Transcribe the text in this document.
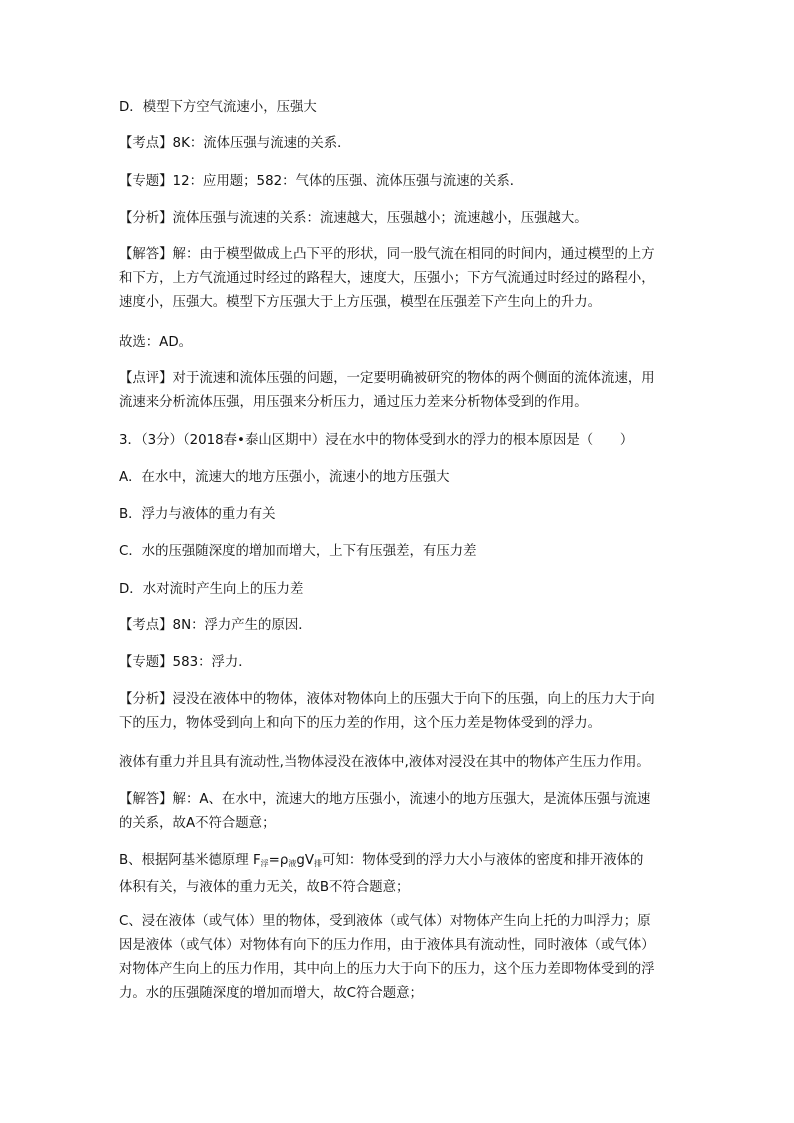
D．模型下方空气流速小，压强大

【考点】8K：流体压强与流速的关系．

【专题】12：应用题；582：气体的压强、流体压强与流速的关系．

【分析】流体压强与流速的关系：流速越大，压强越小；流速越小，压强越大。

【解答】解：由于模型做成上凸下平的形状，同一股气流在相同的时间内，通过模型的上方
和下方，上方气流通过时经过的路程大，速度大，压强小；下方气流通过时经过的路程小，
速度小，压强大。模型下方压强大于上方压强，模型在压强差下产生向上的升力。

故选：AD。

【点评】对于流速和流体压强的问题，一定要明确被研究的物体的两个侧面的流体流速，用
流速来分析流体压强，用压强来分析压力，通过压力差来分析物体受到的作用。

3．（3分）（2018春•泰山区期中）浸在水中的物体受到水的浮力的根本原因是（　　）

A．在水中，流速大的地方压强小，流速小的地方压强大

B．浮力与液体的重力有关

C．水的压强随深度的增加而增大，上下有压强差，有压力差

D．水对流时产生向上的压力差

【考点】8N：浮力产生的原因．

【专题】583：浮力．

【分析】浸没在液体中的物体，液体对物体向上的压强大于向下的压强，向上的压力大于向
下的压力，物体受到向上和向下的压力差的作用，这个压力差是物体受到的浮力。

液体有重力并且具有流动性,当物体浸没在液体中,液体对浸没在其中的物体产生压力作用。

【解答】解：A、在水中，流速大的地方压强小，流速小的地方压强大，是流体压强与流速
的关系，故A不符合题意；

B、根据阿基米德原理 $F_浮=\rho_液gV_排$可知：物体受到的浮力大小与液体的密度和排开液体的
体积有关，与液体的重力无关，故B不符合题意；

C、浸在液体（或气体）里的物体，受到液体（或气体）对物体产生向上托的力叫浮力；原
因是液体（或气体）对物体有向下的压力作用，由于液体具有流动性，同时液体（或气体）
对物体产生向上的压力作用，其中向上的压力大于向下的压力，这个压力差即物体受到的浮
力。水的压强随深度的增加而增大，故C符合题意；
